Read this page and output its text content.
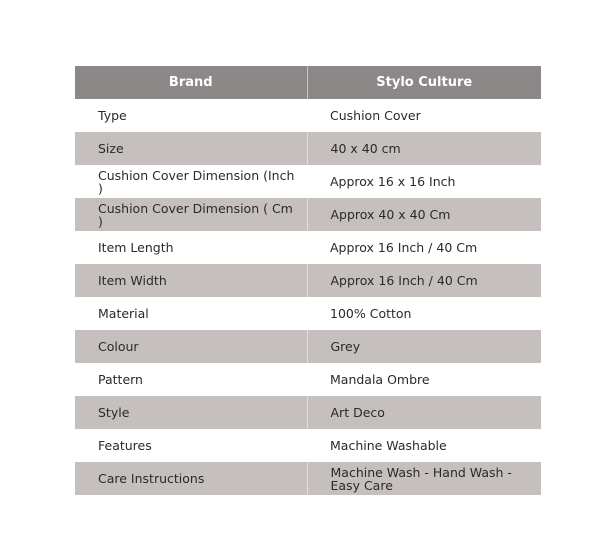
Brand	Stylo Culture
Type	Cushion Cover
Size	40 x 40 cm
Cushion Cover Dimension (Inch )	Approx 16 x 16 Inch
Cushion Cover Dimension ( Cm )	Approx 40 x 40 Cm
Item Length	Approx 16 Inch / 40 Cm
Item Width	Approx 16 Inch / 40 Cm
Material	100% Cotton
Colour	Grey
Pattern	Mandala Ombre
Style	Art Deco
Features	Machine Washable
Care Instructions	Machine Wash - Hand Wash - Easy Care
